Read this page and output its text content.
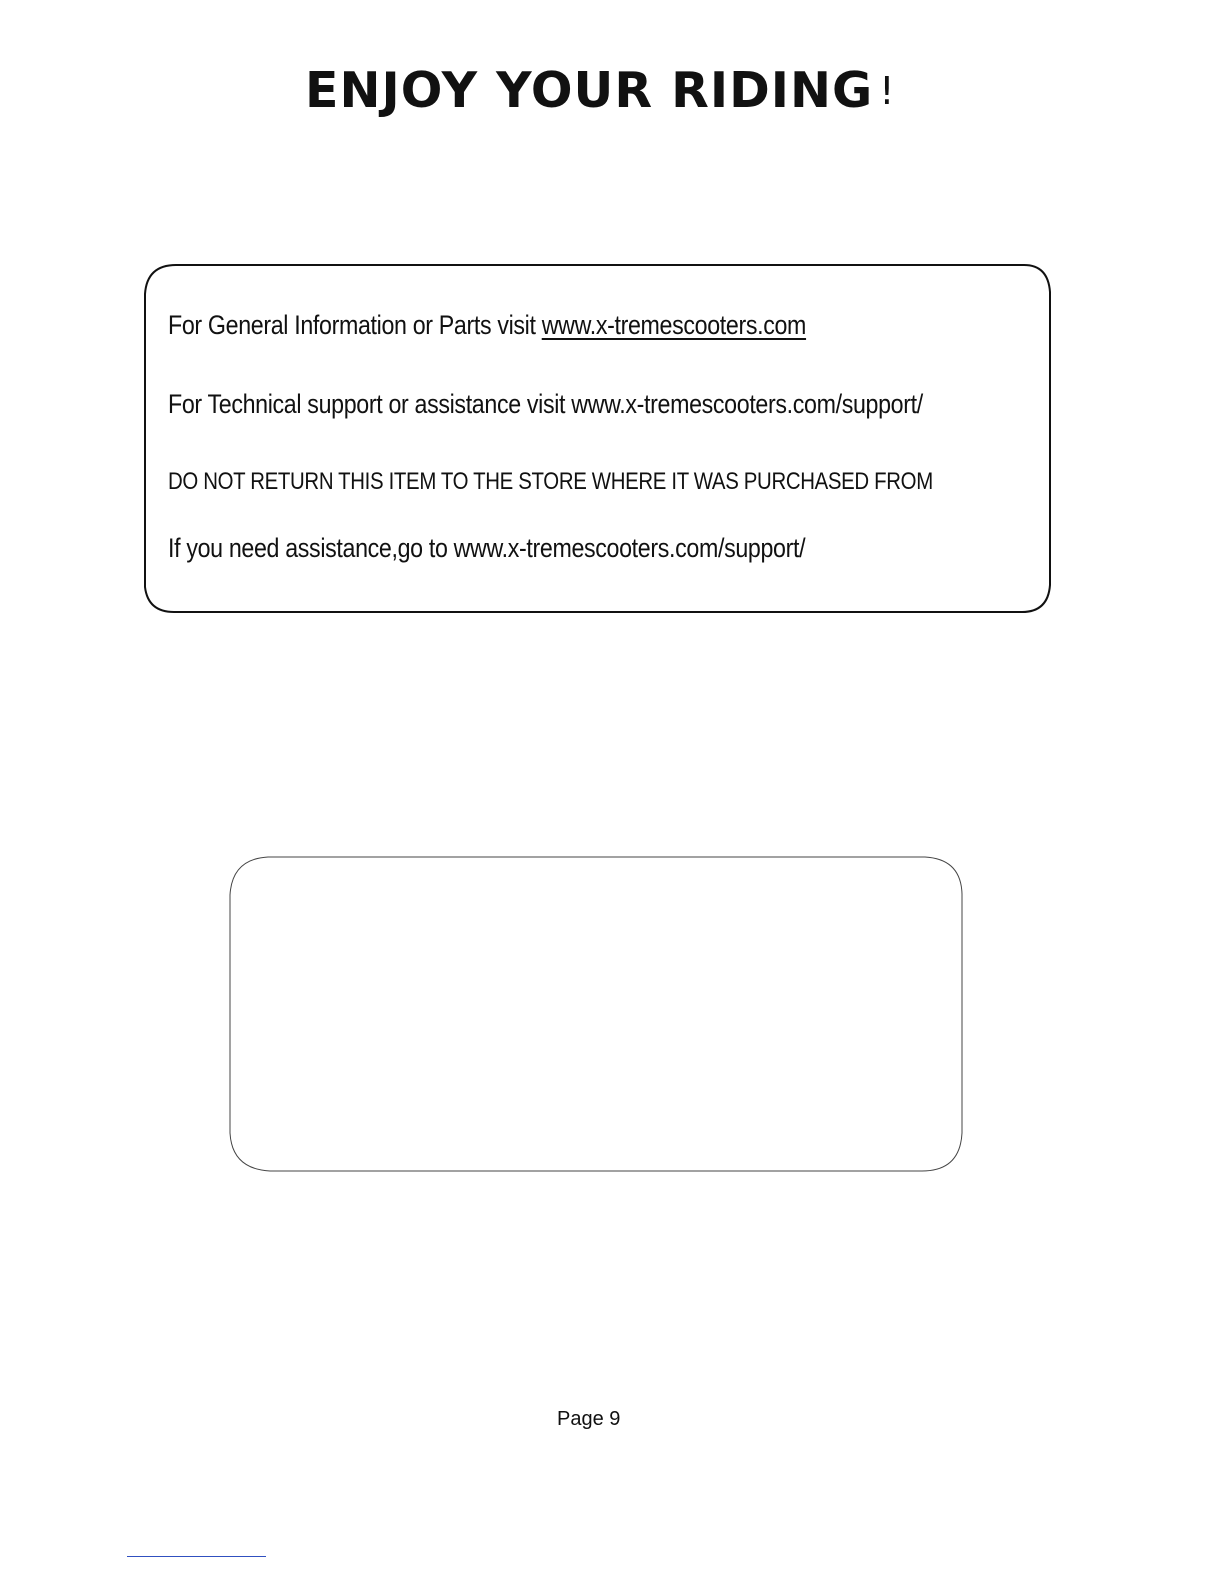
ENJOY YOUR RIDING !

For General Information or Parts visit www.x-tremescooters.com

For Technical support or assistance visit www.x-tremescooters.com/support/

DO NOT RETURN THIS ITEM TO THE STORE WHERE IT WAS PURCHASED FROM

If you need assistance,go to www.x-tremescooters.com/support/

Page 9
